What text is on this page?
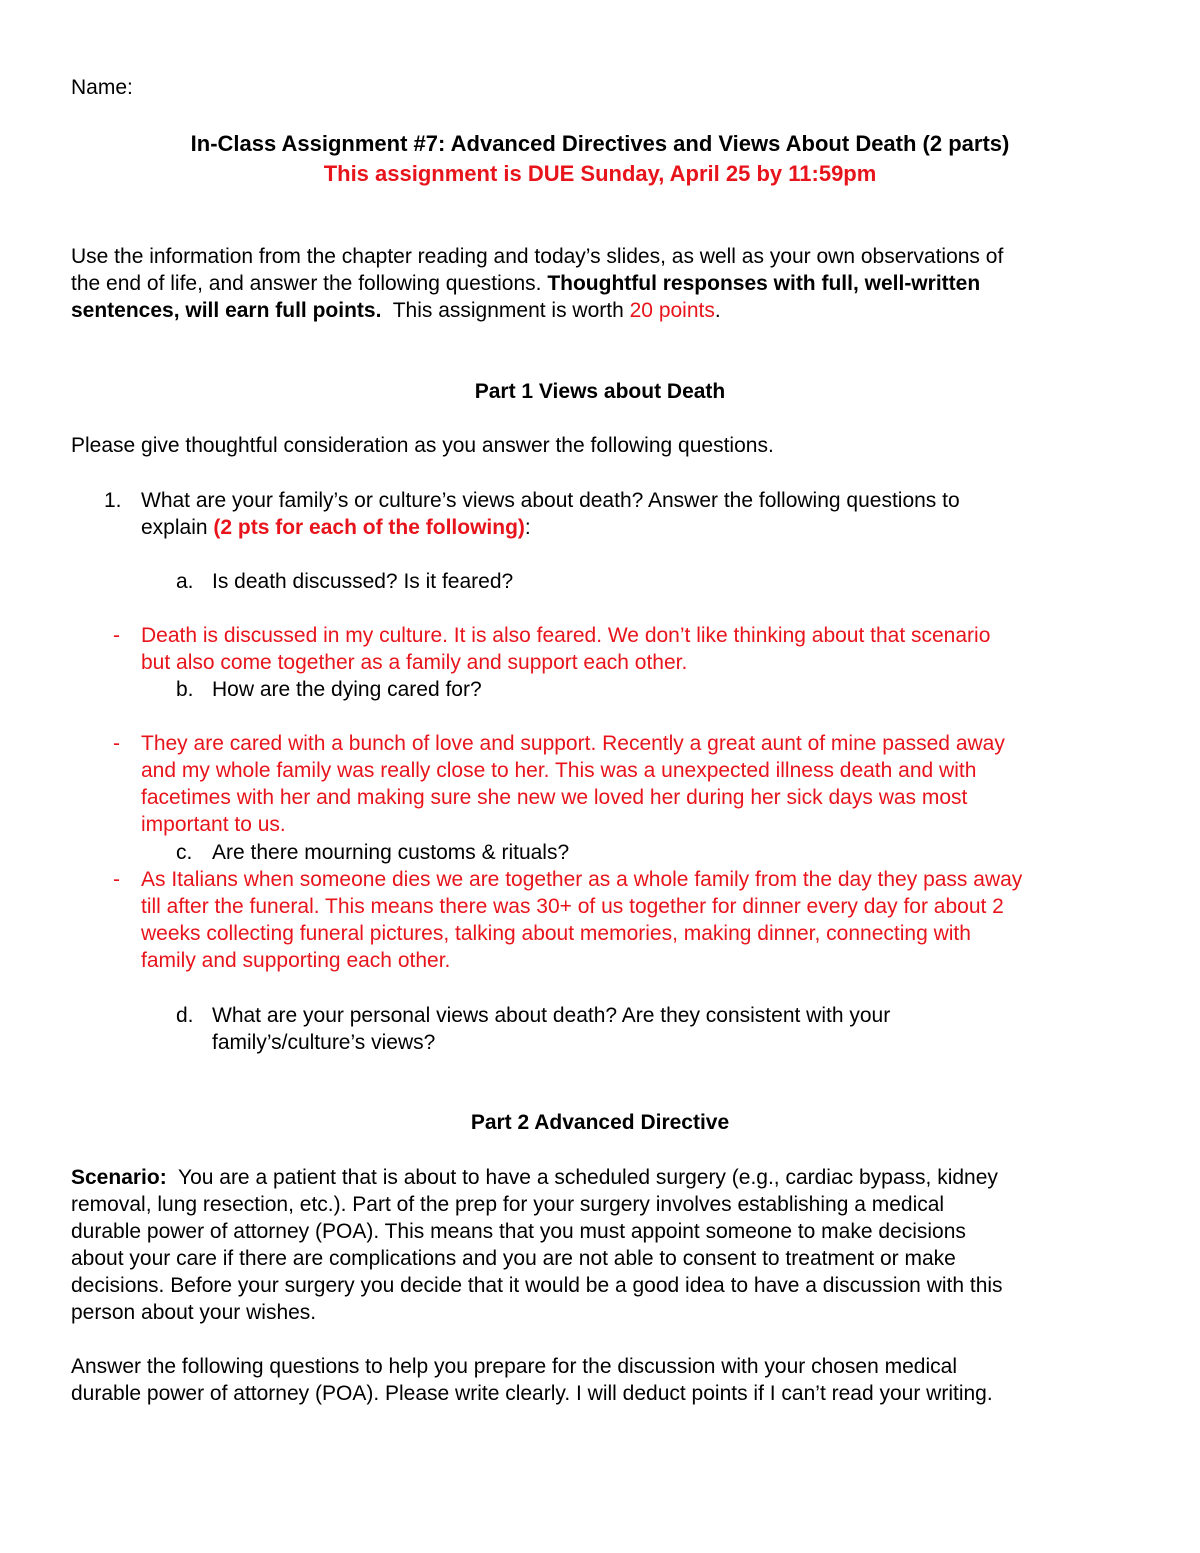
Name:
In-Class Assignment #7: Advanced Directives and Views About Death (2 parts)
This assignment is DUE Sunday, April 25 by 11:59pm
Use the information from the chapter reading and today’s slides, as well as your own observations of
the end of life, and answer the following questions. Thoughtful responses with full, well-written
sentences, will earn full points.  This assignment is worth 20 points.
Part 1 Views about Death
Please give thoughtful consideration as you answer the following questions.
1. What are your family’s or culture’s views about death? Answer the following questions to
explain (2 pts for each of the following):
a. Is death discussed? Is it feared?
- Death is discussed in my culture. It is also feared. We don’t like thinking about that scenario
but also come together as a family and support each other.
b. How are the dying cared for?
- They are cared with a bunch of love and support. Recently a great aunt of mine passed away
and my whole family was really close to her. This was a unexpected illness death and with
facetimes with her and making sure she new we loved her during her sick days was most
important to us.
c. Are there mourning customs & rituals?
- As Italians when someone dies we are together as a whole family from the day they pass away
till after the funeral. This means there was 30+ of us together for dinner every day for about 2
weeks collecting funeral pictures, talking about memories, making dinner, connecting with
family and supporting each other.
d. What are your personal views about death? Are they consistent with your
family’s/culture’s views?
Part 2 Advanced Directive
Scenario:  You are a patient that is about to have a scheduled surgery (e.g., cardiac bypass, kidney
removal, lung resection, etc.). Part of the prep for your surgery involves establishing a medical
durable power of attorney (POA). This means that you must appoint someone to make decisions
about your care if there are complications and you are not able to consent to treatment or make
decisions. Before your surgery you decide that it would be a good idea to have a discussion with this
person about your wishes.
Answer the following questions to help you prepare for the discussion with your chosen medical
durable power of attorney (POA). Please write clearly. I will deduct points if I can’t read your writing.
